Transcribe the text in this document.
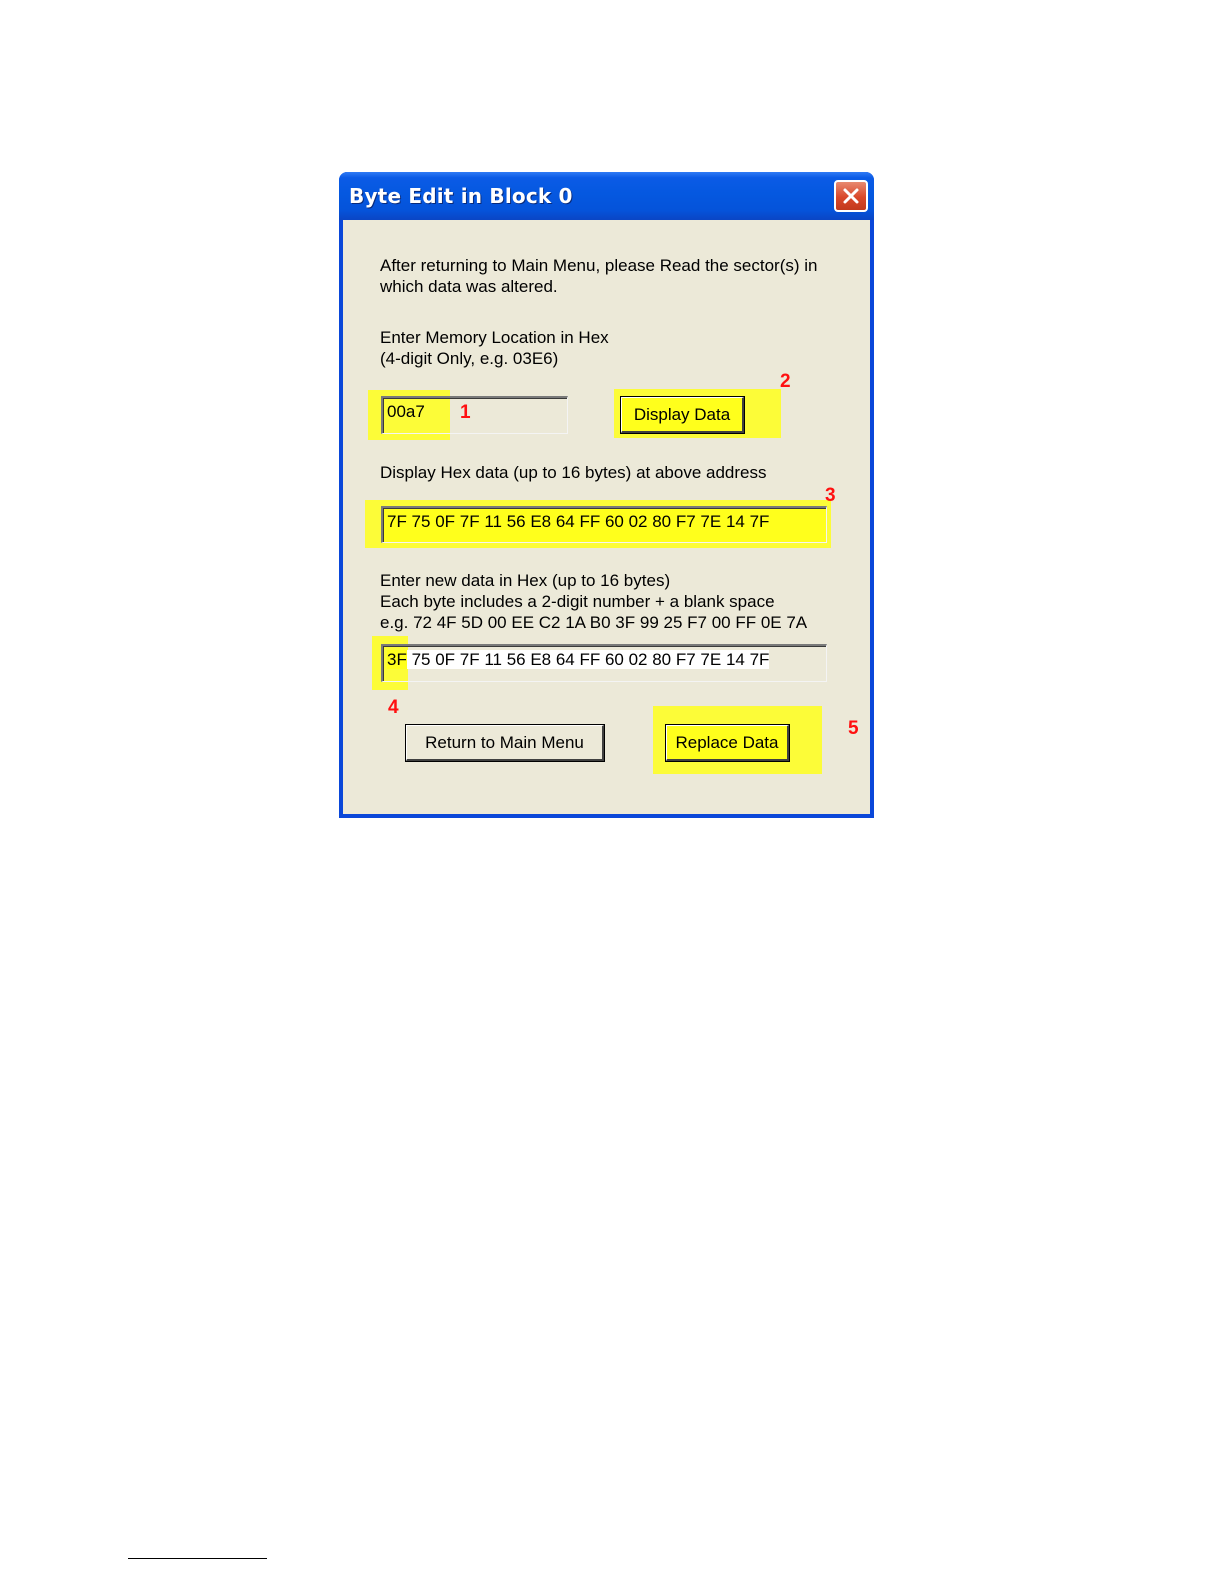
Byte Edit in Block 0
After returning to Main Menu, please Read the sector(s) in
which data was altered.
Enter Memory Location in Hex
(4-digit Only, e.g. 03E6)
00a7	1	Display Data
2
Display Hex data (up to 16 bytes) at above address
7F 75 0F 7F 11 56 E8 64 FF 60 02 80 F7 7E 14 7F
3
Enter new data in Hex (up to 16 bytes)
Each byte includes a 2-digit number + a blank space
e.g. 72 4F 5D 00 EE C2 1A B0 3F 99 25 F7 00 FF 0E 7A
3F 75 0F 7F 11 56 E8 64 FF 60 02 80 F7 7E 14 7F
4
Return to Main Menu	Replace Data
5
